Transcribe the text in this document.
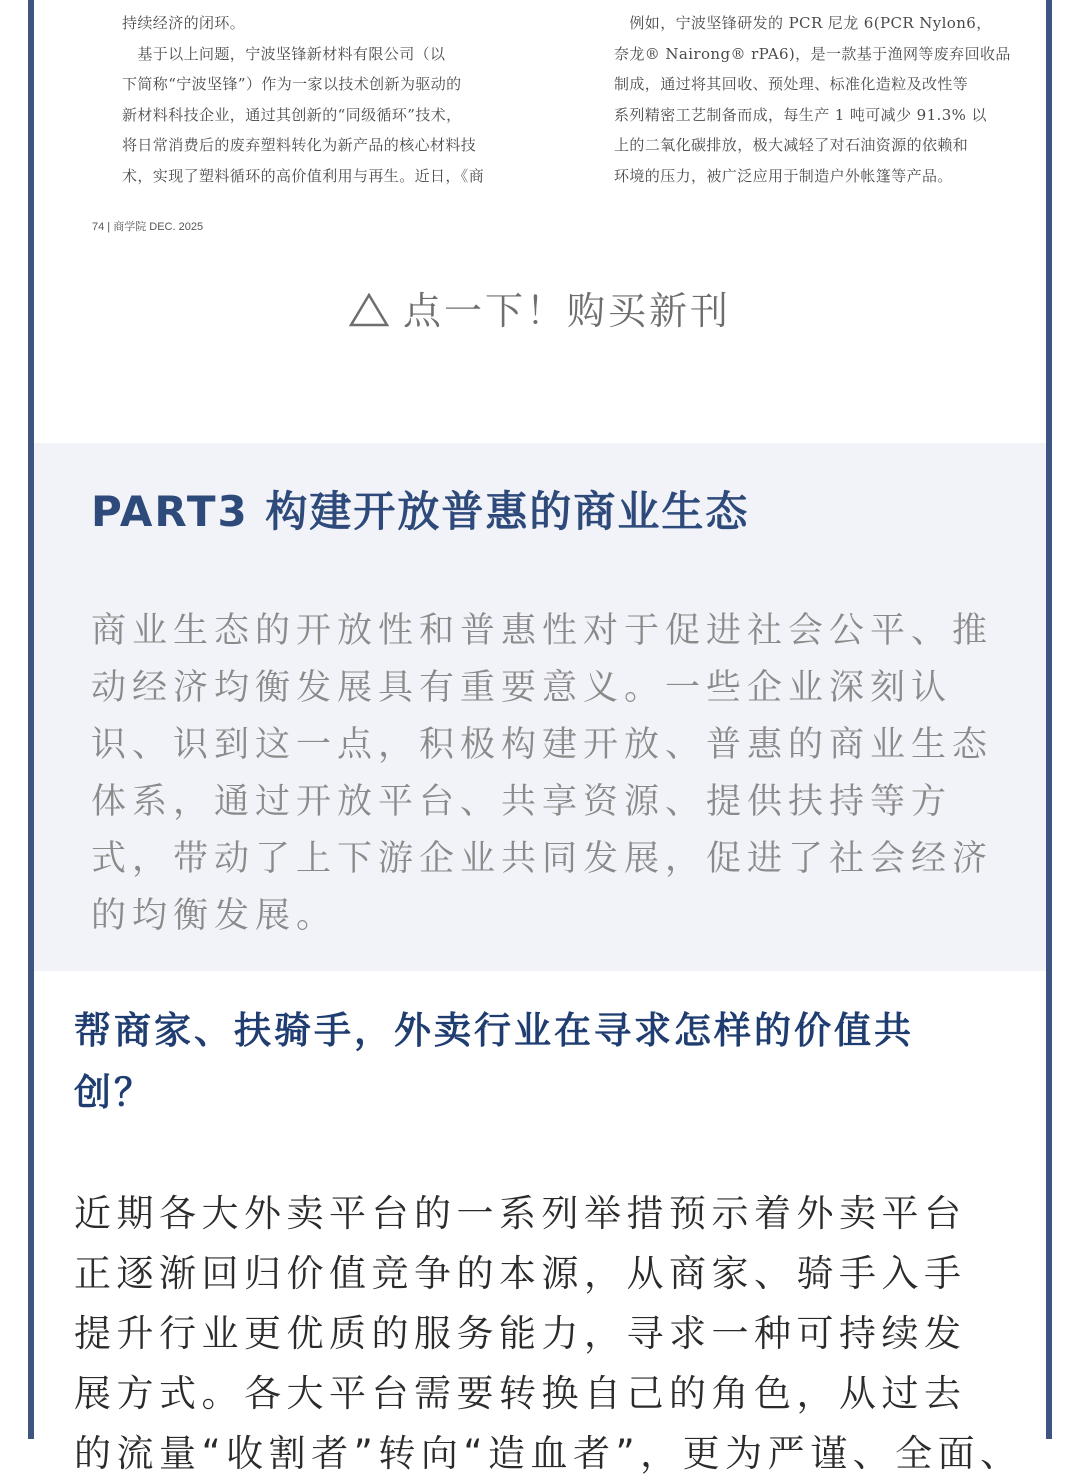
持续经济的闭环。

　基于以上问题，宁波坚锋新材料有限公司（以

下简称“宁波坚锋”）作为一家以技术创新为驱动的

新材料科技企业，通过其创新的“同级循环”技术，

将日常消费后的废弃塑料转化为新产品的核心材料技

术，实现了塑料循环的高价值利用与再生。近日，《商

　例如，宁波坚锋研发的 PCR 尼龙 6(PCR Nylon6，

奈龙® Nairong® rPA6)，是一款基于渔网等废弃回收品

制成，通过将其回收、预处理、标准化造粒及改性等

系列精密工艺制备而成，每生产 1 吨可减少 91.3% 以

上的二氧化碳排放，极大减轻了对石油资源的依赖和

环境的压力，被广泛应用于制造户外帐篷等产品。

74 | 商学院 DEC. 2025
点一下！购买新刊
PART3 构建开放普惠的商业生态
商业生态的开放性和普惠性对于促进社会公平、推
动经济均衡发展具有重要意义。一些企业深刻认
识、识到这一点，积极构建开放、普惠的商业生态
体系，通过开放平台、共享资源、提供扶持等方
式，带动了上下游企业共同发展，促进了社会经济
的均衡发展。
帮商家、扶骑手，外卖行业在寻求怎样的价值共
创？
近期各大外卖平台的一系列举措预示着外卖平台
正逐渐回归价值竞争的本源，从商家、骑手入手
提升行业更优质的服务能力，寻求一种可持续发
展方式。各大平台需要转换自己的角色，从过去
的流量“收割者”转向“造血者”，更为严谨、全面、
